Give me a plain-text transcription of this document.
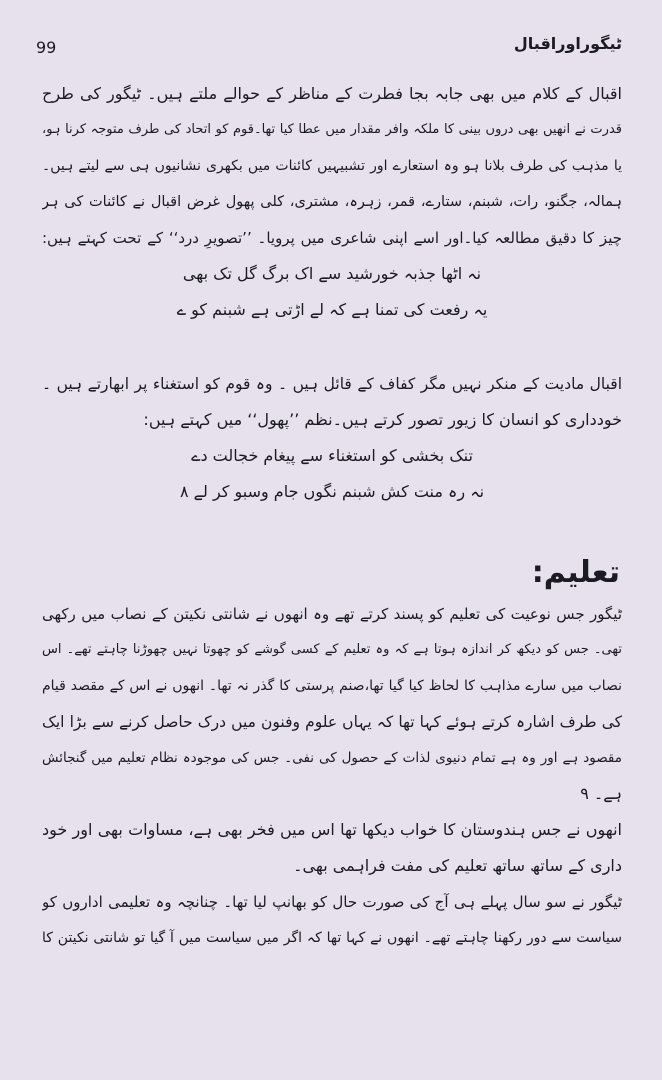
99	ٹیگوراوراقبال
اقبال کے کلام میں بھی جابہ بجا فطرت کے مناظر کے حوالے ملتے ہیں۔ ٹیگور کی طرح
قدرت نے انھیں بھی دروں بینی کا ملکہ وافر مقدار میں عطا کیا تھا۔قوم کو اتحاد کی طرف متوجہ کرنا ہو،
یا مذہب کی طرف بلانا ہو وہ استعارے اور تشبیہیں کائنات میں بکھری نشانیوں ہی سے لیتے ہیں۔
ہمالہ، جگنو، رات، شبنم، ستارے، قمر، زہرہ، مشتری، کلی پھول غرض اقبال نے کائنات کی ہر
چیز کا دقیق مطالعہ کیا۔اور اسے اپنی شاعری میں پرویا۔ ’’تصویرِ درد‘‘ کے تحت کہتے ہیں:
نہ اٹھا جذبہ خورشید سے اک برگ گل تک بھی
یہ رفعت کی تمنا ہے کہ لے اڑتی ہے شبنم کو ے
اقبال مادیت کے منکر نہیں مگر کفاف کے قائل ہیں ۔ وہ قوم کو استغناء پر ابھارتے ہیں ۔
خودداری کو انسان کا زیور تصور کرتے ہیں۔نظم ’’پھول‘‘ میں کہتے ہیں:
تنک بخشی کو استغناء سے پیغام خجالت دے
نہ رہ منت کش شبنم نگوں جام وسبو کر لے ۸
تعلیم:
ٹیگور جس نوعیت کی تعلیم کو پسند کرتے تھے وہ انھوں نے شانتی نکیتن کے نصاب میں رکھی
تھی۔ جس کو دیکھ کر اندازہ ہوتا ہے کہ وہ تعلیم کے کسی گوشے کو چھوتا نہیں چھوڑنا چاہتے تھے۔ اس
نصاب میں سارے مذاہب کا لحاظ کیا گیا تھا،صنم پرستی کا گذر نہ تھا۔ انھوں نے اس کے مقصد قیام
کی طرف اشارہ کرتے ہوئے کہا تھا کہ یہاں علوم وفنون میں درک حاصل کرنے سے بڑا ایک
مقصود ہے اور وہ ہے تمام دنیوی لذات کے حصول کی نفی۔ جس کی موجودہ نظام تعلیم میں گنجائش
ہے۔ ۹
انھوں نے جس ہندوستان کا خواب دیکھا تھا اس میں فخر بھی ہے، مساوات بھی اور خود
داری کے ساتھ ساتھ تعلیم کی مفت فراہمی بھی۔
ٹیگور نے سو سال پہلے ہی آج کی صورت حال کو بھانپ لیا تھا۔ چنانچہ وہ تعلیمی اداروں کو
سیاست سے دور رکھنا چاہتے تھے۔ انھوں نے کہا تھا کہ اگر میں سیاست میں آ گیا تو شانتی نکیتن کا
